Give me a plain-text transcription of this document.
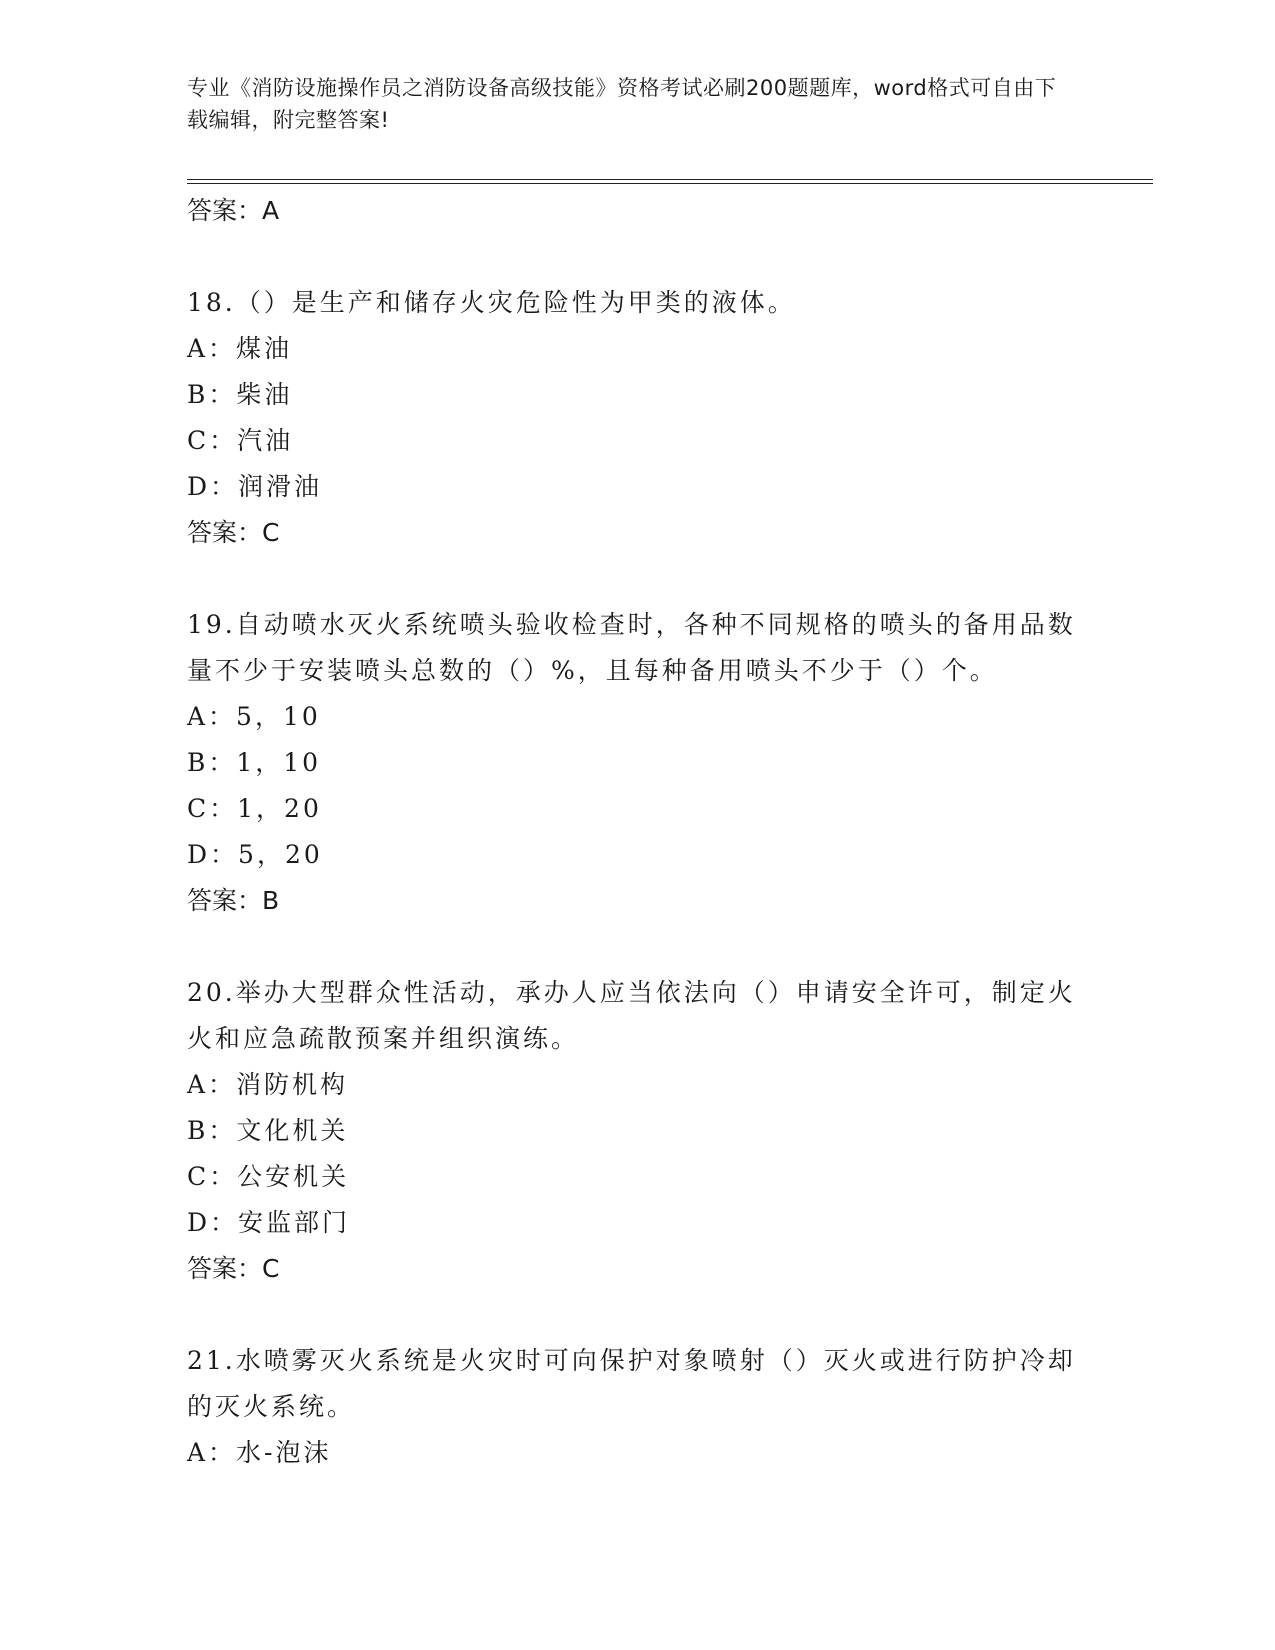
专业《消防设施操作员之消防设备高级技能》资格考试必刷200题题库，word格式可自由下载编辑，附完整答案!

答案：A

18.（）是生产和储存火灾危险性为甲类的液体。

A：煤油

B：柴油

C：汽油

D：润滑油

答案：C

19.自动喷水灭火系统喷头验收检查时，各种不同规格的喷头的备用品数量不少于安装喷头总数的（）%，且每种备用喷头不少于（）个。

A：5，10

B：1，10

C：1，20

D：5，20

答案：B

20.举办大型群众性活动，承办人应当依法向（）申请安全许可，制定火火和应急疏散预案并组织演练。

A：消防机构

B：文化机关

C：公安机关

D：安监部门

答案：C

21.水喷雾灭火系统是火灾时可向保护对象喷射（）灭火或进行防护冷却的灭火系统。

A：水-泡沫
